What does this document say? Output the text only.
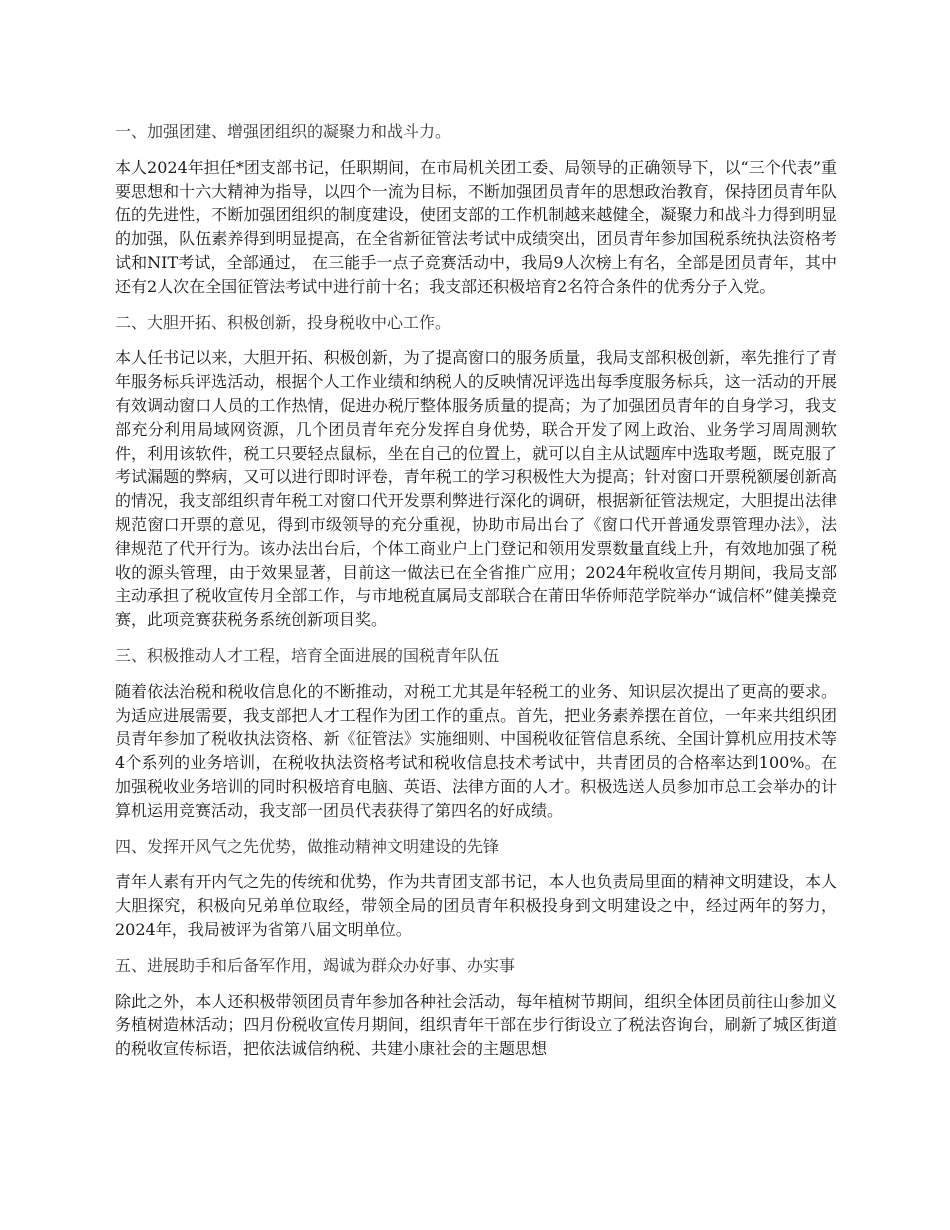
一、加强团建、增强团组织的凝聚力和战斗力。
本人2024年担任*团支部书记，任职期间，在市局机关团工委、局领导的正确领导下，以“三个代表”重要思想和十六大精神为指导，以四个一流为目标，不断加强团员青年的思想政治教育，保持团员青年队伍的先进性，不断加强团组织的制度建设，使团支部的工作机制越来越健全，凝聚力和战斗力得到明显的加强，队伍素养得到明显提高，在全省新征管法考试中成绩突出，团员青年参加国税系统执法资格考试和NIT考试，全部通过， 在三能手一点子竞赛活动中，我局9人次榜上有名，全部是团员青年，其中还有2人次在全国征管法考试中进行前十名；我支部还积极培育2名符合条件的优秀分子入党。
二、大胆开拓、积极创新，投身税收中心工作。
本人任书记以来，大胆开拓、积极创新，为了提高窗口的服务质量，我局支部积极创新，率先推行了青年服务标兵评选活动，根据个人工作业绩和纳税人的反映情况评选出每季度服务标兵，这一活动的开展有效调动窗口人员的工作热情，促进办税厅整体服务质量的提高；为了加强团员青年的自身学习，我支部充分利用局域网资源，几个团员青年充分发挥自身优势，联合开发了网上政治、业务学习周周测软件，利用该软件，税工只要轻点鼠标，坐在自己的位置上，就可以自主从试题库中选取考题，既克服了考试漏题的弊病，又可以进行即时评卷，青年税工的学习积极性大为提高；针对窗口开票税额屡创新高的情况，我支部组织青年税工对窗口代开发票利弊进行深化的调研，根据新征管法规定，大胆提出法律规范窗口开票的意见，得到市级领导的充分重视，协助市局出台了《窗口代开普通发票管理办法》，法律规范了代开行为。该办法出台后，个体工商业户上门登记和领用发票数量直线上升，有效地加强了税收的源头管理，由于效果显著，目前这一做法已在全省推广应用；2024年税收宣传月期间，我局支部主动承担了税收宣传月全部工作，与市地税直属局支部联合在莆田华侨师范学院举办“诚信杯”健美操竞赛，此项竞赛获税务系统创新项目奖。
三、积极推动人才工程，培育全面进展的国税青年队伍
随着依法治税和税收信息化的不断推动，对税工尤其是年轻税工的业务、知识层次提出了更高的要求。为适应进展需要，我支部把人才工程作为团工作的重点。首先，把业务素养摆在首位，一年来共组织团员青年参加了税收执法资格、新《征管法》实施细则、中国税收征管信息系统、全国计算机应用技术等4个系列的业务培训，在税收执法资格考试和税收信息技术考试中，共青团员的合格率达到100%。在加强税收业务培训的同时积极培育电脑、英语、法律方面的人才。积极选送人员参加市总工会举办的计算机运用竞赛活动，我支部一团员代表获得了第四名的好成绩。
四、发挥开风气之先优势，做推动精神文明建设的先锋
青年人素有开内气之先的传统和优势，作为共青团支部书记，本人也负责局里面的精神文明建设，本人大胆探究，积极向兄弟单位取经，带领全局的团员青年积极投身到文明建设之中，经过两年的努力，2024年，我局被评为省第八届文明单位。
五、进展助手和后备军作用，竭诚为群众办好事、办实事
除此之外，本人还积极带领团员青年参加各种社会活动，每年植树节期间，组织全体团员前往山参加义务植树造林活动；四月份税收宣传月期间，组织青年干部在步行街设立了税法咨询台，刷新了城区街道的税收宣传标语，把依法诚信纳税、共建小康社会的主题思想
